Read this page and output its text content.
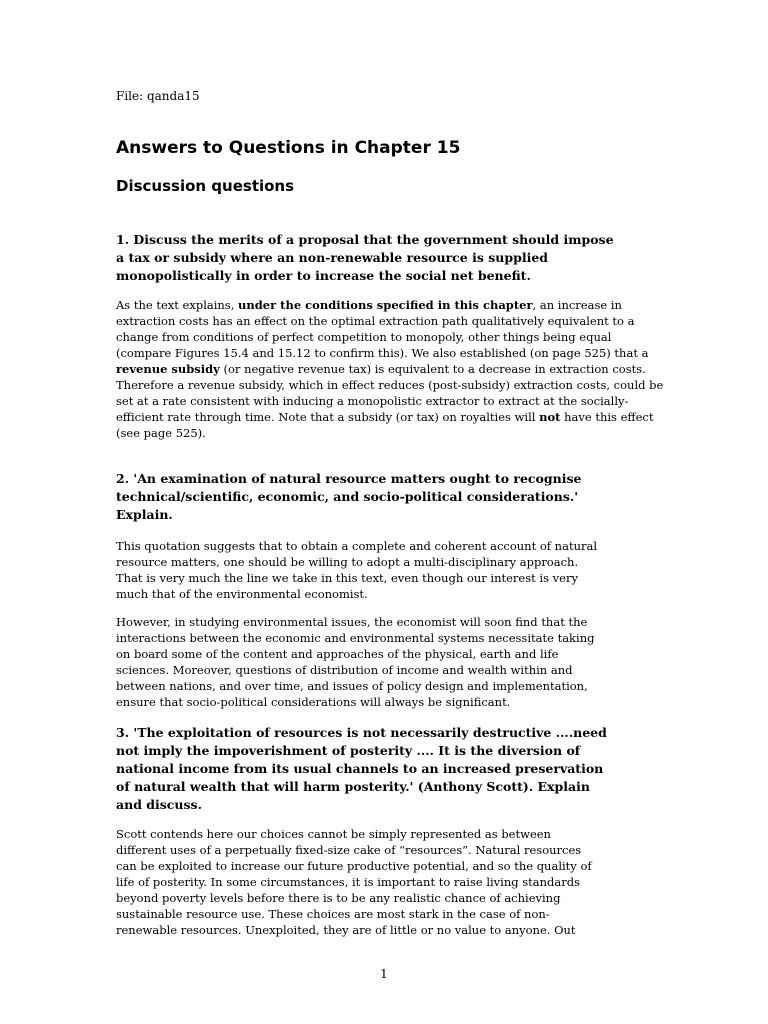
File: qanda15
Answers to Questions in Chapter 15
Discussion questions
1. Discuss the merits of a proposal that the government should impose
a tax or subsidy where an non-renewable resource is supplied
monopolistically in order to increase the social net benefit.
As the text explains, under the conditions specified in this chapter, an increase in
extraction costs has an effect on the optimal extraction path qualitatively equivalent to a
change from conditions of perfect competition to monopoly, other things being equal
(compare Figures 15.4 and 15.12 to confirm this). We also established (on page 525) that a
revenue subsidy (or negative revenue tax) is equivalent to a decrease in extraction costs.
Therefore a revenue subsidy, which in effect reduces (post-subsidy) extraction costs, could be
set at a rate consistent with inducing a monopolistic extractor to extract at the socially-
efficient rate through time. Note that a subsidy (or tax) on royalties will not have this effect
(see page 525).
2. 'An examination of natural resource matters ought to recognise
technical/scientific, economic, and socio-political considerations.'
Explain.
This quotation suggests that to obtain a complete and coherent account of natural
resource matters, one should be willing to adopt a multi-disciplinary approach.
That is very much the line we take in this text, even though our interest is very
much that of the environmental economist.
However, in studying environmental issues, the economist will soon find that the
interactions between the economic and environmental systems necessitate taking
on board some of the content and approaches of the physical, earth and life
sciences. Moreover, questions of distribution of income and wealth within and
between nations, and over time, and issues of policy design and implementation,
ensure that socio-political considerations will always be significant.
3. 'The exploitation of resources is not necessarily destructive ....need
not imply the impoverishment of posterity .... It is the diversion of
national income from its usual channels to an increased preservation
of natural wealth that will harm posterity.' (Anthony Scott). Explain
and discuss.
Scott contends here our choices cannot be simply represented as between
different uses of a perpetually fixed-size cake of “resources”. Natural resources
can be exploited to increase our future productive potential, and so the quality of
life of posterity. In some circumstances, it is important to raise living standards
beyond poverty levels before there is to be any realistic chance of achieving
sustainable resource use. These choices are most stark in the case of non-
renewable resources. Unexploited, they are of little or no value to anyone. Out
1
